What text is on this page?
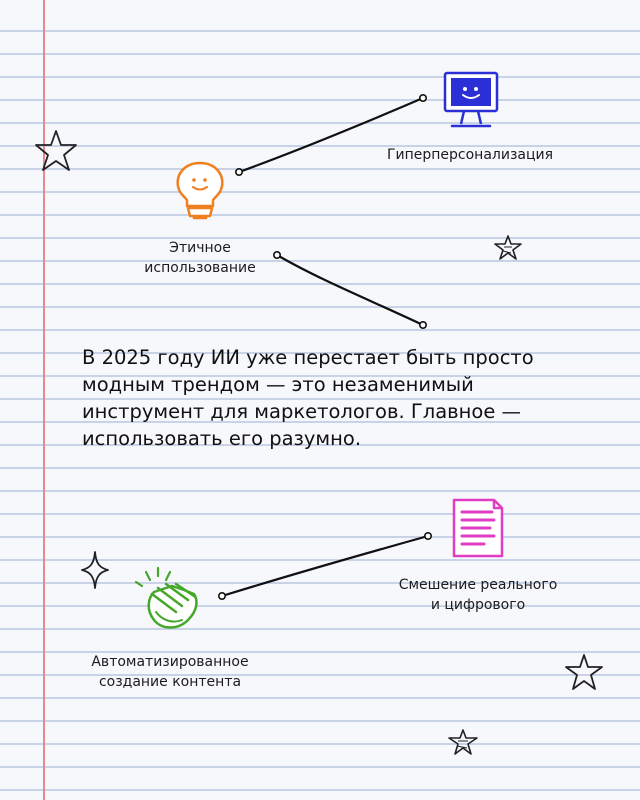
Гиперперсонализация
Этичное
использование
В 2025 году ИИ уже перестает быть просто
модным трендом — это незаменимый
инструмент для маркетологов. Главное —
использовать его разумно.
Смешение реального
и цифрового
Автоматизированное
создание контента
